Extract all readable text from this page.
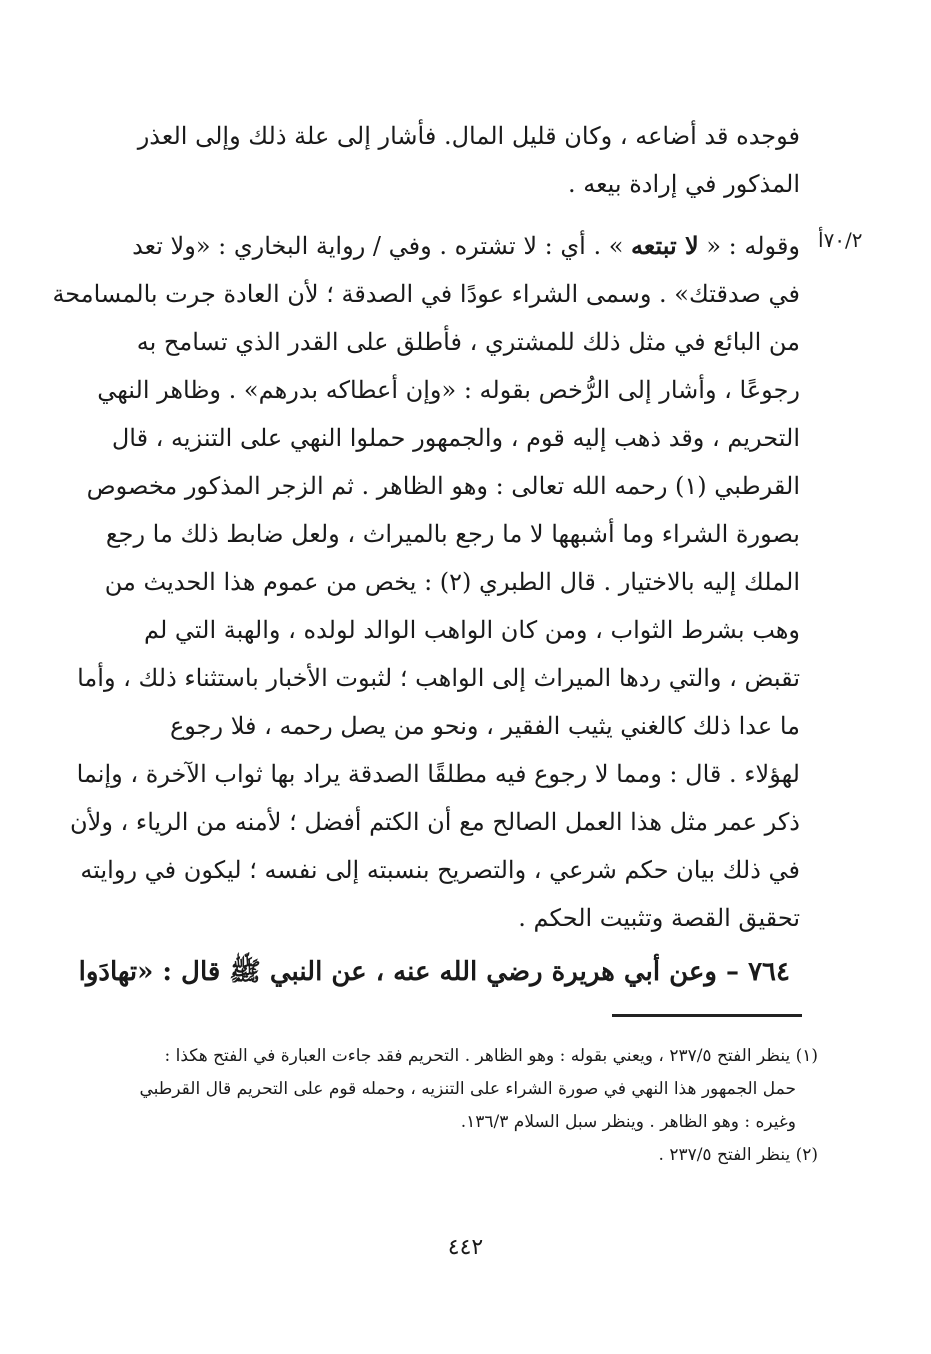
فوجده قد أضاعه ، وكان قليل المال. فأشار إلى علة ذلك وإلى العذر
المذكور في إرادة بيعه .
٧٠/٢أ
وقوله : « لا تبتعه » . أي : لا تشتره . وفي / رواية البخاري : «ولا تعد
في صدقتك» . وسمى الشراء عودًا في الصدقة ؛ لأن العادة جرت بالمسامحة
من البائع في مثل ذلك للمشتري ، فأطلق على القدر الذي تسامح به
رجوعًا ، وأشار إلى الرُّخص بقوله : «وإن أعطاكه بدرهم» . وظاهر النهي
التحريم ، وقد ذهب إليه قوم ، والجمهور حملوا النهي على التنزيه ، قال
القرطبي (١) رحمه الله تعالى : وهو الظاهر . ثم الزجر المذكور مخصوص
بصورة الشراء وما أشبهها لا ما رجع بالميراث ، ولعل ضابط ذلك ما رجع
الملك إليه بالاختيار . قال الطبري (٢) : يخص من عموم هذا الحديث من
وهب بشرط الثواب ، ومن كان الواهب الوالد لولده ، والهبة التي لم
تقبض ، والتي ردها الميراث إلى الواهب ؛ لثبوت الأخبار باستثناء ذلك ، وأما
ما عدا ذلك كالغني يثيب الفقير ، ونحو من يصل رحمه ، فلا رجوع
لهؤلاء . قال : ومما لا رجوع فيه مطلقًا الصدقة يراد بها ثواب الآخرة ، وإنما
ذكر عمر مثل هذا العمل الصالح مع أن الكتم أفضل ؛ لأمنه من الرياء ، ولأن
في ذلك بيان حكم شرعي ، والتصريح بنسبته إلى نفسه ؛ ليكون في روايته
تحقيق القصة وتثبيت الحكم .
٧٦٤ – وعن أبي هريرة رضي الله عنه ، عن النبي ﷺ قال : «تهادَوا
(١) ينظر الفتح ٢٣٧/٥ ، ويعني بقوله : وهو الظاهر . التحريم فقد جاءت العبارة في الفتح هكذا :
حمل الجمهور هذا النهي في صورة الشراء على التنزيه ، وحمله قوم على التحريم قال القرطبي
وغيره : وهو الظاهر . وينظر سبل السلام ١٣٦/٣.
(٢) ينظر الفتح ٢٣٧/٥ .
٤٤٢
